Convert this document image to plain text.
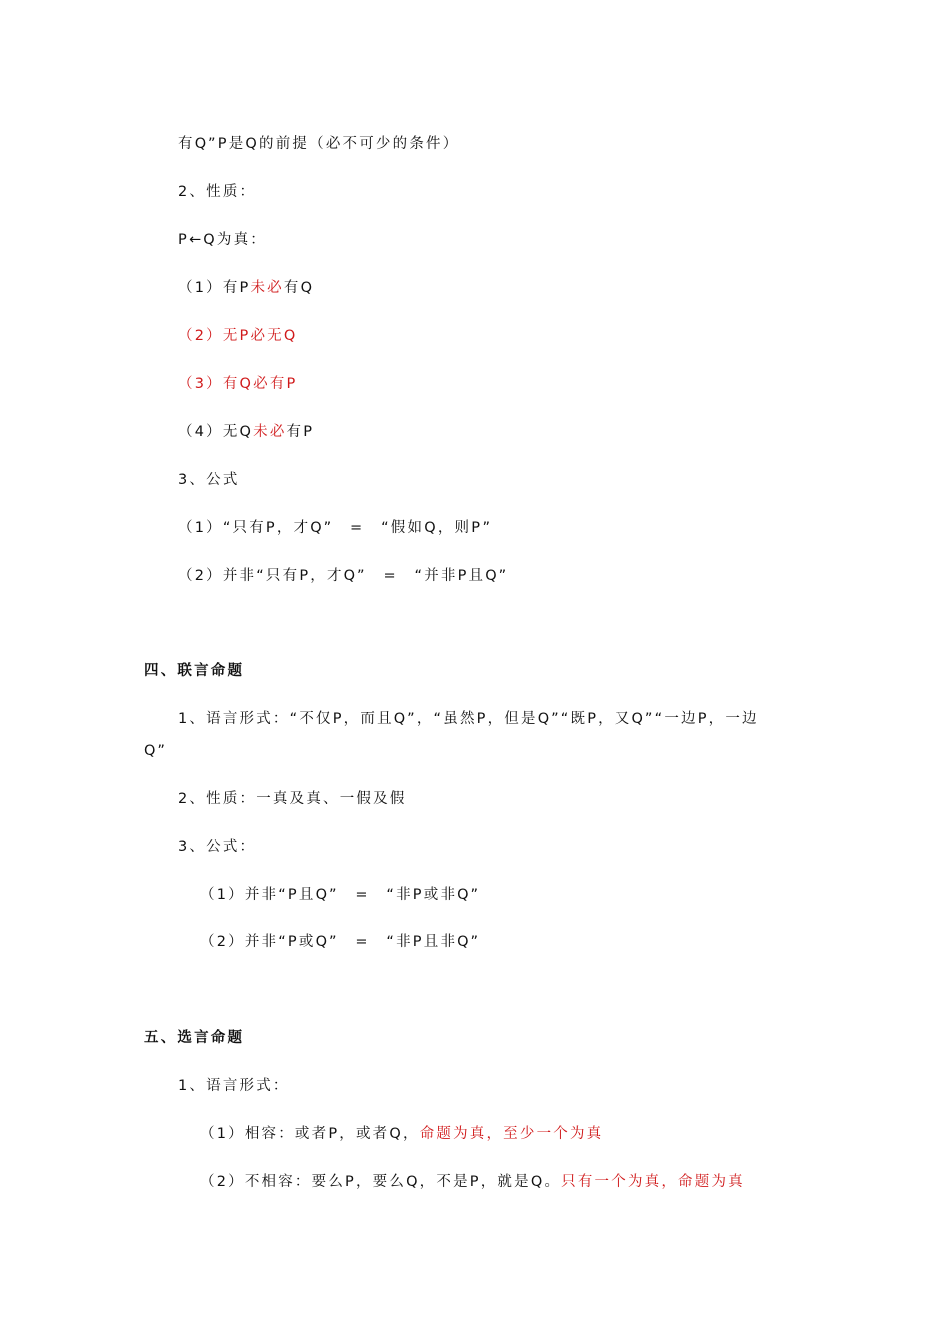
有Q”P是Q的前提（必不可少的条件）
2、性质：
P←Q为真：
（1）有P未必有Q
（2）无P必无Q
（3）有Q必有P
（4）无Q未必有P
3、公式
（1）“只有P，才Q”　=　“假如Q，则P”
（2）并非“只有P，才Q”　=　“并非P且Q”
四、联言命题
1、语言形式：“不仅P，而且Q”，“虽然P，但是Q”“既P，又Q”“一边P，一边
Q”
2、性质：一真及真、一假及假
3、公式：
（1）并非“P且Q”　=　“非P或非Q”
（2）并非“P或Q”　=　“非P且非Q”
五、选言命题
1、语言形式：
（1）相容：或者P，或者Q，命题为真，至少一个为真
（2）不相容：要么P，要么Q，不是P，就是Q。只有一个为真，命题为真
